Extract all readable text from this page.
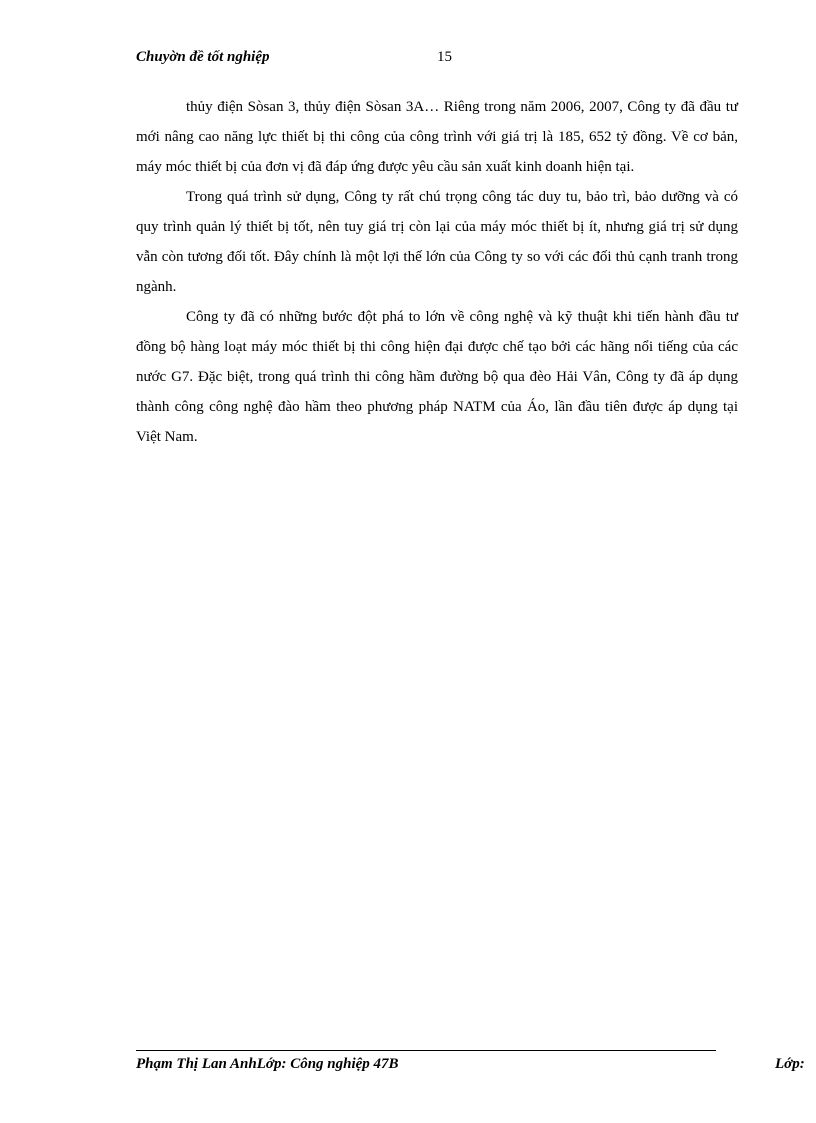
Chuyờn đề tốt nghiệp	15

thủy điện Sòsan 3, thủy điện Sòsan 3A… Riêng trong năm 2006, 2007, Công ty đã đầu tư mới nâng cao năng lực thiết bị thi công của công trình với giá trị là 185, 652 tỷ đồng. Về cơ bản, máy móc thiết bị của đơn vị đã đáp ứng được yêu cầu sản xuất kinh doanh hiện tại.

Trong quá trình sử dụng, Công ty rất chú trọng công tác duy tu, bảo trì, bảo dưỡng và có quy trình quản lý thiết bị tốt, nên tuy giá trị còn lại của máy móc thiết bị ít, nhưng giá trị sử dụng vẫn còn tương đối tốt. Đây chính là một lợi thế lớn của Công ty so với các đối thủ cạnh tranh trong ngành.

Công ty đã có những bước đột phá to lớn về công nghệ và kỹ thuật khi tiến hành đầu tư đồng bộ hàng loạt máy móc thiết bị thi công hiện đại được chế tạo bởi các hãng nổi tiếng của các nước G7. Đặc biệt, trong quá trình thi công hầm đường bộ qua đèo Hải Vân, Công ty đã áp dụng thành công công nghệ đào hầm theo phương pháp NATM của Áo, lần đầu tiên được áp dụng tại Việt Nam.

Phạm Thị Lan AnhLớp: Công nghiệp 47B	Lớp:
